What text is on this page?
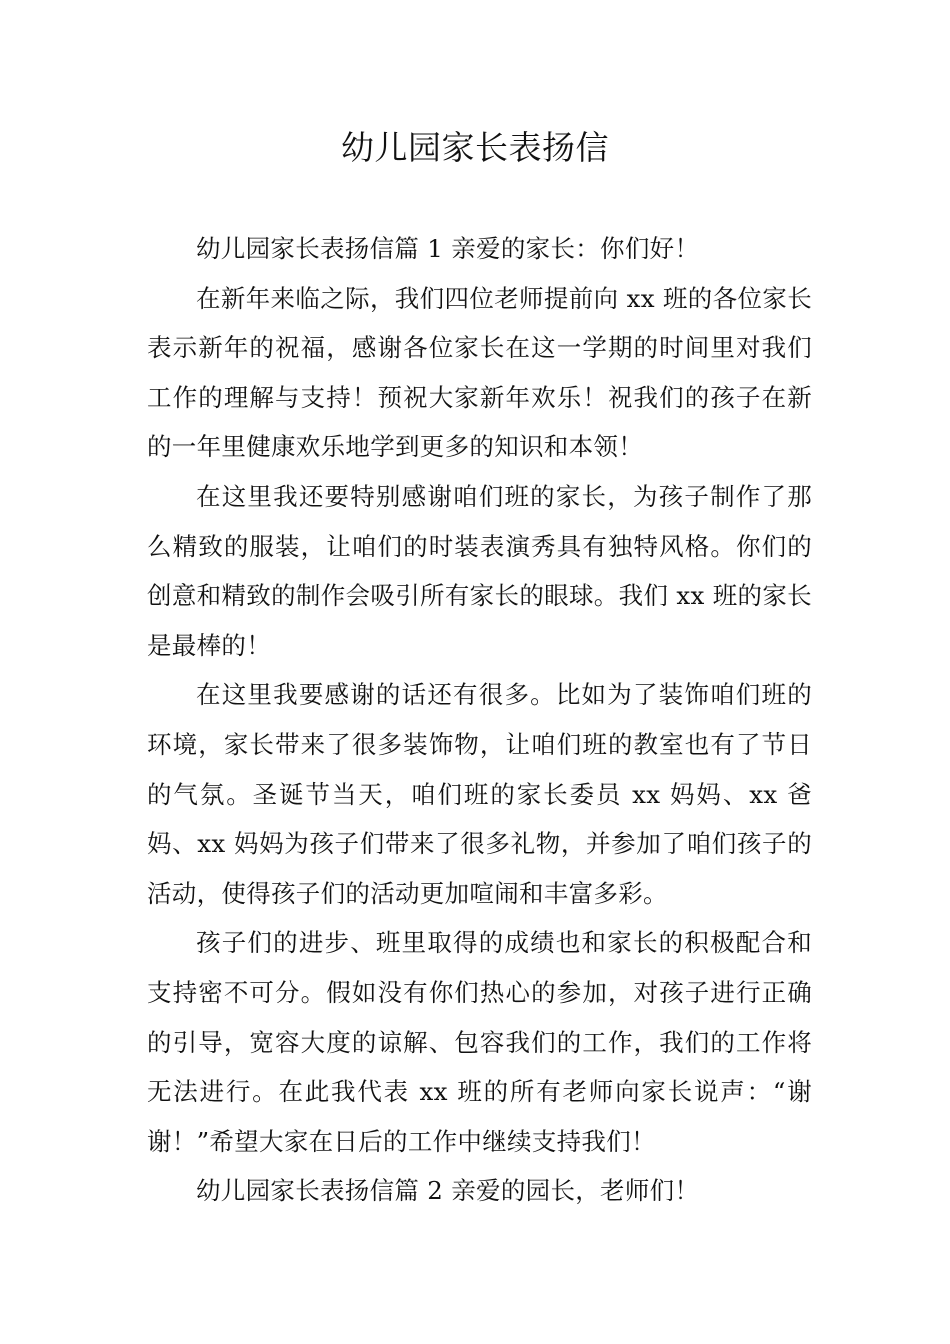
幼儿园家长表扬信

幼儿园家长表扬信篇 1 亲爱的家长：你们好！

在新年来临之际，我们四位老师提前向 xx 班的各位家长表示新年的祝福，感谢各位家长在这一学期的时间里对我们工作的理解与支持！预祝大家新年欢乐！祝我们的孩子在新的一年里健康欢乐地学到更多的知识和本领！

在这里我还要特别感谢咱们班的家长，为孩子制作了那么精致的服装，让咱们的时装表演秀具有独特风格。你们的创意和精致的制作会吸引所有家长的眼球。我们 xx 班的家长是最棒的！

在这里我要感谢的话还有很多。比如为了装饰咱们班的环境，家长带来了很多装饰物，让咱们班的教室也有了节日的气氛。圣诞节当天，咱们班的家长委员 xx 妈妈、xx 爸妈、xx 妈妈为孩子们带来了很多礼物，并参加了咱们孩子的活动，使得孩子们的活动更加喧闹和丰富多彩。

孩子们的进步、班里取得的成绩也和家长的积极配合和支持密不可分。假如没有你们热心的参加，对孩子进行正确的引导，宽容大度的谅解、包容我们的工作，我们的工作将无法进行。在此我代表 xx 班的所有老师向家长说声：“谢谢！”希望大家在日后的工作中继续支持我们！

幼儿园家长表扬信篇 2 亲爱的园长，老师们！
